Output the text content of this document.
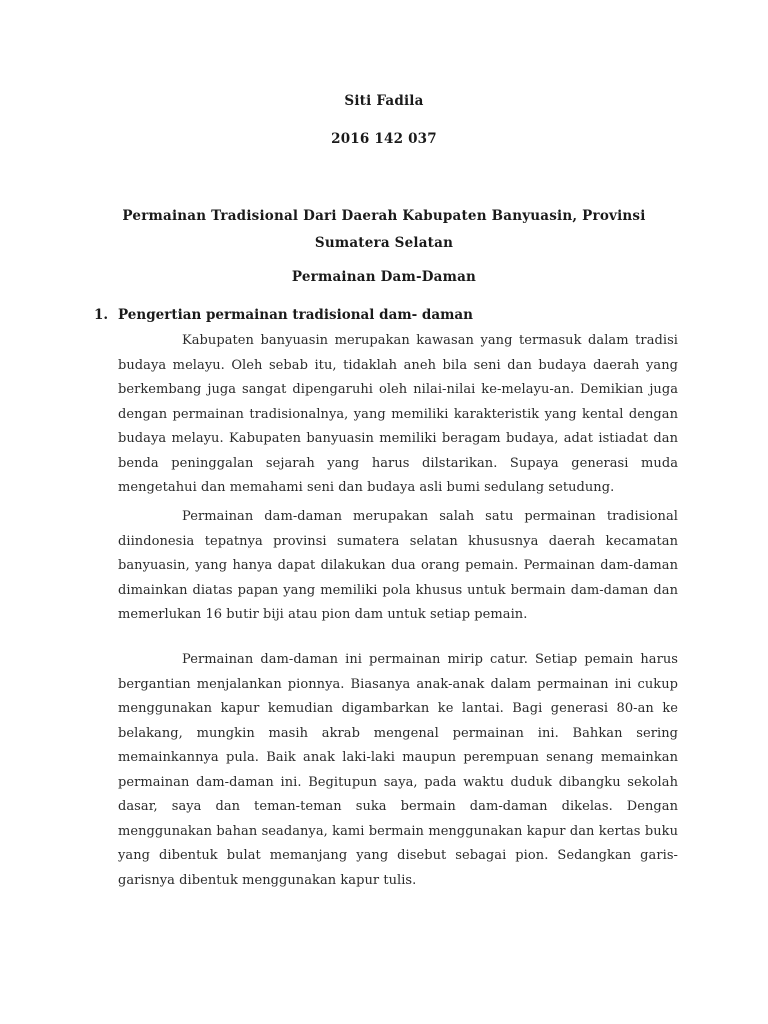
Siti Fadila
2016 142 037
Permainan Tradisional Dari Daerah Kabupaten Banyuasin, Provinsi Sumatera Selatan
Permainan Dam-Daman
1. Pengertian permainan tradisional dam- daman

Kabupaten banyuasin merupakan kawasan yang termasuk dalam tradisi budaya melayu. Oleh sebab itu, tidaklah aneh bila seni dan budaya daerah yang berkembang juga sangat dipengaruhi oleh nilai-nilai ke-melayu-an. Demikian juga dengan permainan tradisionalnya, yang memiliki karakteristik yang kental dengan budaya melayu. Kabupaten banyuasin memiliki beragam budaya, adat istiadat dan benda peninggalan sejarah yang harus dilstarikan. Supaya generasi muda mengetahui dan memahami seni dan budaya asli bumi sedulang setudung.

Permainan dam-daman merupakan salah satu permainan tradisional diindonesia tepatnya provinsi sumatera selatan khususnya daerah kecamatan banyuasin, yang hanya dapat dilakukan dua orang pemain. Permainan dam-daman dimainkan diatas papan yang memiliki pola khusus untuk bermain dam-daman dan memerlukan 16 butir biji atau pion dam untuk setiap pemain.

Permainan dam-daman ini permainan mirip catur. Setiap pemain harus bergantian menjalankan pionnya. Biasanya anak-anak dalam permainan ini cukup menggunakan kapur kemudian digambarkan ke lantai. Bagi generasi 80-an ke belakang, mungkin masih akrab mengenal permainan ini. Bahkan sering memainkannya pula. Baik anak laki-laki maupun perempuan senang memainkan permainan dam-daman ini. Begitupun saya, pada waktu duduk dibangku sekolah dasar, saya dan teman-teman suka bermain dam-daman dikelas. Dengan menggunakan bahan seadanya, kami bermain menggunakan kapur dan kertas buku yang dibentuk bulat memanjang yang disebut sebagai pion. Sedangkan garis-garisnya dibentuk menggunakan kapur tulis.
